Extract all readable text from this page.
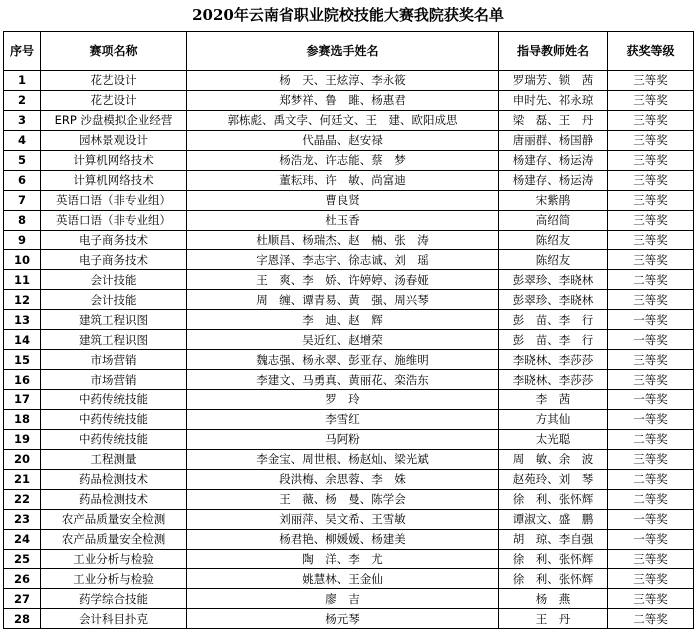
2020年云南省职业院校技能大赛我院获奖名单
序号	赛项名称	参赛选手姓名	指导教师姓名	获奖等级
1	花艺设计	杨　天、王炫淳、李永筱	罗瑞芳、锁　茜	三等奖
2	花艺设计	郑梦祥、鲁　雎、杨惠君	申时先、祁永琼	三等奖
3	ERP 沙盘模拟企业经营	郭栋彪、禹文孛、何廷文、王　建、欧阳成思	梁　磊、王　丹	三等奖
4	园林景观设计	代晶晶、赵安禄	唐丽群、杨国静	三等奖
5	计算机网络技术	杨浩龙、许志能、蔡　梦	杨建存、杨运涛	三等奖
6	计算机网络技术	董耘玮、许　敏、尚富迪	杨建存、杨运涛	三等奖
7	英语口语（非专业组）	曹良贤	宋紫鹃	三等奖
8	英语口语（非专业组）	杜玉香	高绍简	三等奖
9	电子商务技术	杜顺昌、杨瑞杰、赵　楠、张　涛	陈绍友	三等奖
10	电子商务技术	字恩泽、李志宇、徐志诚、刘　瑶	陈绍友	三等奖
11	会计技能	王　爽、李　娇、许婷婷、汤春娅	彭翠珍、李晓林	二等奖
12	会计技能	周　缠、谭青易、黄　强、周兴琴	彭翠珍、李晓林	三等奖
13	建筑工程识图	李　迪、赵　辉	彭　苗、李　行	一等奖
14	建筑工程识图	吴近红、赵增荣	彭　苗、李　行	一等奖
15	市场营销	魏志强、杨永翠、彭亚存、施维明	李晓林、李莎莎	三等奖
16	市场营销	李建文、马勇真、黄丽花、栾浩东	李晓林、李莎莎	三等奖
17	中药传统技能	罗　玲	李　茜	一等奖
18	中药传统技能	李雪红	方其仙	一等奖
19	中药传统技能	马阿粉	太光聪	二等奖
20	工程测量	李金宝、周世根、杨赵灿、梁光斌	周　敏、余　波	三等奖
21	药品检测技术	段洪梅、余思蓉、李　姝	赵苑玲、刘　琴	二等奖
22	药品检测技术	王　薇、杨　曼、陈学会	徐　利、张怀辉	二等奖
23	农产品质量安全检测	刘丽萍、吴文希、王雪敏	谭淑文、盛　鹏	一等奖
24	农产品质量安全检测	杨君艳、柳媛媛、杨建美	胡　琼、李自强	一等奖
25	工业分析与检验	陶　洋、李　尤	徐　利、张怀辉	三等奖
26	工业分析与检验	姚慧林、王金仙	徐　利、张怀辉	三等奖
27	药学综合技能	廖　吉	杨　燕	三等奖
28	会计科目扑克	杨元琴	王　丹	二等奖
